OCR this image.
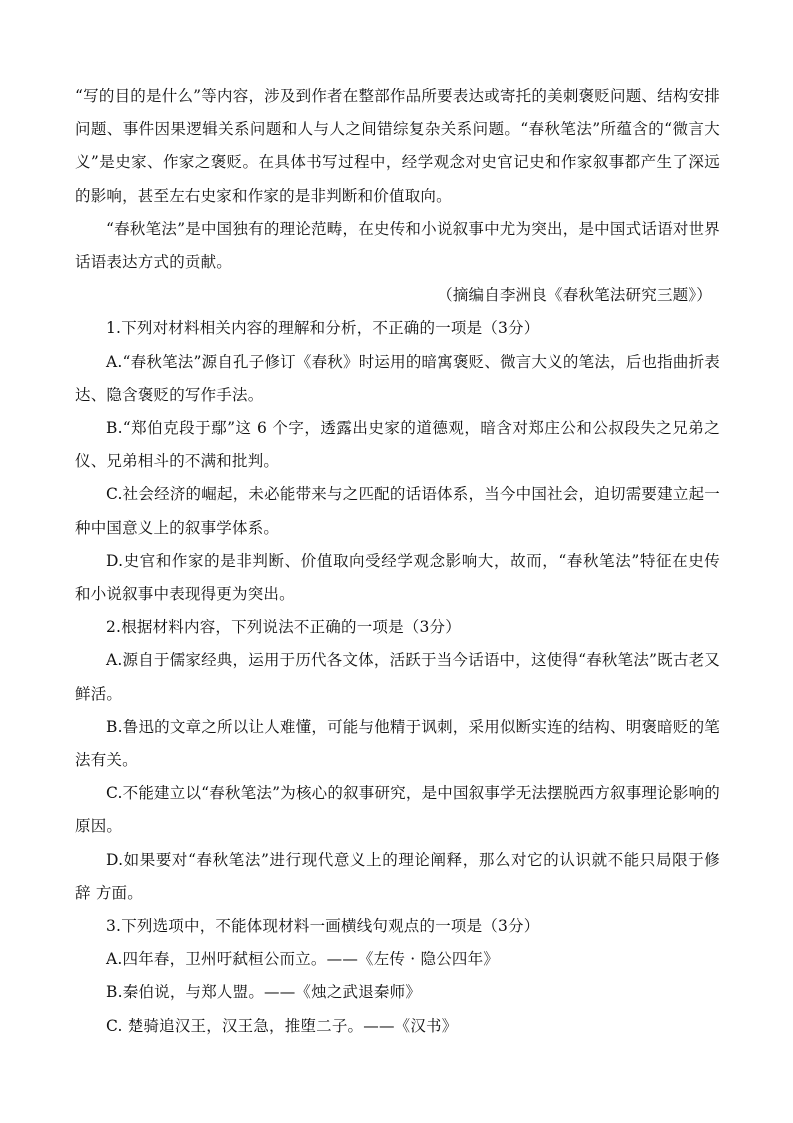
“写的目的是什么”等内容，涉及到作者在整部作品所要表达或寄托的美刺褒贬问题、结构安排问题、事件因果逻辑关系问题和人与人之间错综复杂关系问题。“春秋笔法”所蕴含的“微言大义”是史家、作家之褒贬。在具体书写过程中，经学观念对史官记史和作家叙事都产生了深远的影响，甚至左右史家和作家的是非判断和价值取向。

“春秋笔法”是中国独有的理论范畴，在史传和小说叙事中尤为突出，是中国式话语对世界话语表达方式的贡献。

（摘编自李洲良《春秋笔法研究三题》）

1.下列对材料相关内容的理解和分析，不正确的一项是（3分）

A.“春秋笔法”源自孔子修订《春秋》时运用的暗寓褒贬、微言大义的笔法，后也指曲折表达、隐含褒贬的写作手法。

B.“郑伯克段于鄢”这 6 个字，透露出史家的道德观，暗含对郑庄公和公叔段失之兄弟之仪、兄弟相斗的不满和批判。

C.社会经济的崛起，未必能带来与之匹配的话语体系，当今中国社会，迫切需要建立起一种中国意义上的叙事学体系。

D.史官和作家的是非判断、价值取向受经学观念影响大，故而，“春秋笔法”特征在史传和小说叙事中表现得更为突出。

2.根据材料内容，下列说法不正确的一项是（3分）

A.源自于儒家经典，运用于历代各文体，活跃于当今话语中，这使得“春秋笔法”既古老又鲜活。

B.鲁迅的文章之所以让人难懂，可能与他精于讽刺，采用似断实连的结构、明褒暗贬的笔法有关。

C.不能建立以“春秋笔法”为核心的叙事研究，是中国叙事学无法摆脱西方叙事理论影响的 原因。

D.如果要对“春秋笔法”进行现代意义上的理论阐释，那么对它的认识就不能只局限于修辞 方面。

3.下列选项中，不能体现材料一画横线句观点的一项是（3分）

A.四年春，卫州吁弑桓公而立。——《左传 · 隐公四年》

B.秦伯说，与郑人盟。——《烛之武退秦师》

C. 楚骑追汉王，汉王急，推堕二子。——《汉书》
